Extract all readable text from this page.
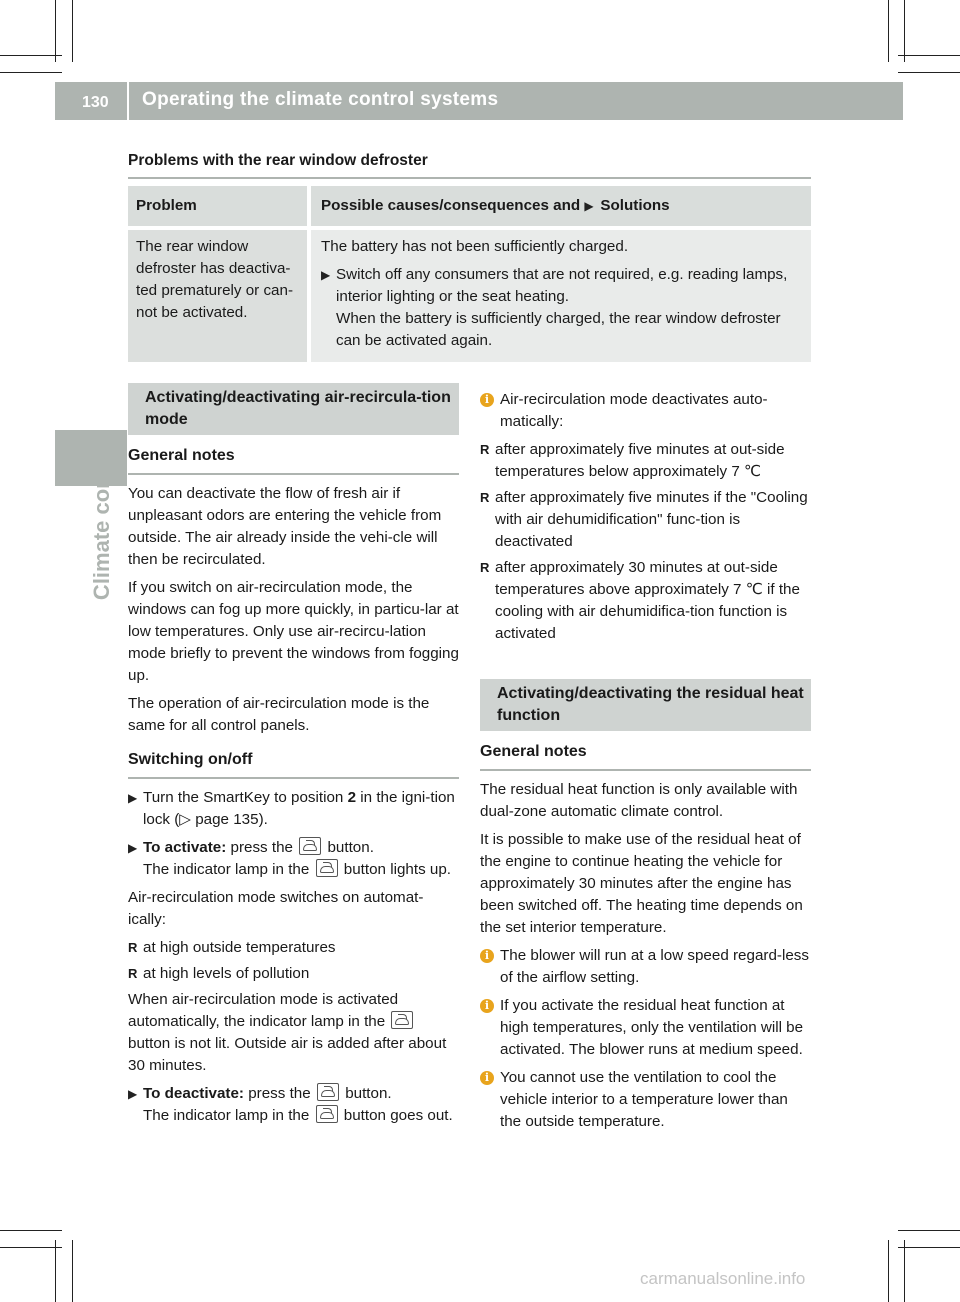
130	Operating the climate control systems
Climate control
Problems with the rear window defroster
Problem	Possible causes/consequences and ▶ Solutions
The rear window defroster has deactiva-ted prematurely or can-not be activated.

The battery has not been sufficiently charged.

▶ Switch off any consumers that are not required, e.g. reading lamps, interior lighting or the seat heating.
When the battery is sufficiently charged, the rear window defroster can be activated again.
Activating/deactivating air-recircula-tion mode
General notes

You can deactivate the flow of fresh air if unpleasant odors are entering the vehicle from outside. The air already inside the vehi-cle will then be recirculated.

If you switch on air-recirculation mode, the windows can fog up more quickly, in particu-lar at low temperatures. Only use air-recircu-lation mode briefly to prevent the windows from fogging up.

The operation of air-recirculation mode is the same for all control panels.

Switching on/off
▶ Turn the SmartKey to position 2 in the igni-tion lock (▷ page 135).
▶ To activate: press the button.
The indicator lamp in the button lights up.

Air-recirculation mode switches on automat-ically:

R at high outside temperatures
R at high levels of pollution

When air-recirculation mode is activated automatically, the indicator lamp in the  button is not lit. Outside air is added after about 30 minutes.

▶ To deactivate: press the button.
The indicator lamp in the button goes out.
i Air-recirculation mode deactivates auto-matically:
R after approximately five minutes at out-side temperatures below approximately 7 ℃
R after approximately five minutes if the "Cooling with air dehumidification" func-tion is deactivated
R after approximately 30 minutes at out-side temperatures above approximately 7 ℃ if the cooling with air dehumidifica-tion function is activated
Activating/deactivating the residual heat function
General notes

The residual heat function is only available with dual-zone automatic climate control.

It is possible to make use of the residual heat of the engine to continue heating the vehicle for approximately 30 minutes after the engine has been switched off. The heating time depends on the set interior temperature.

i The blower will run at a low speed regard-less of the airflow setting.
i If you activate the residual heat function at high temperatures, only the ventilation will be activated. The blower runs at medium speed.
i You cannot use the ventilation to cool the vehicle interior to a temperature lower than the outside temperature.
carmanualsonline.info
